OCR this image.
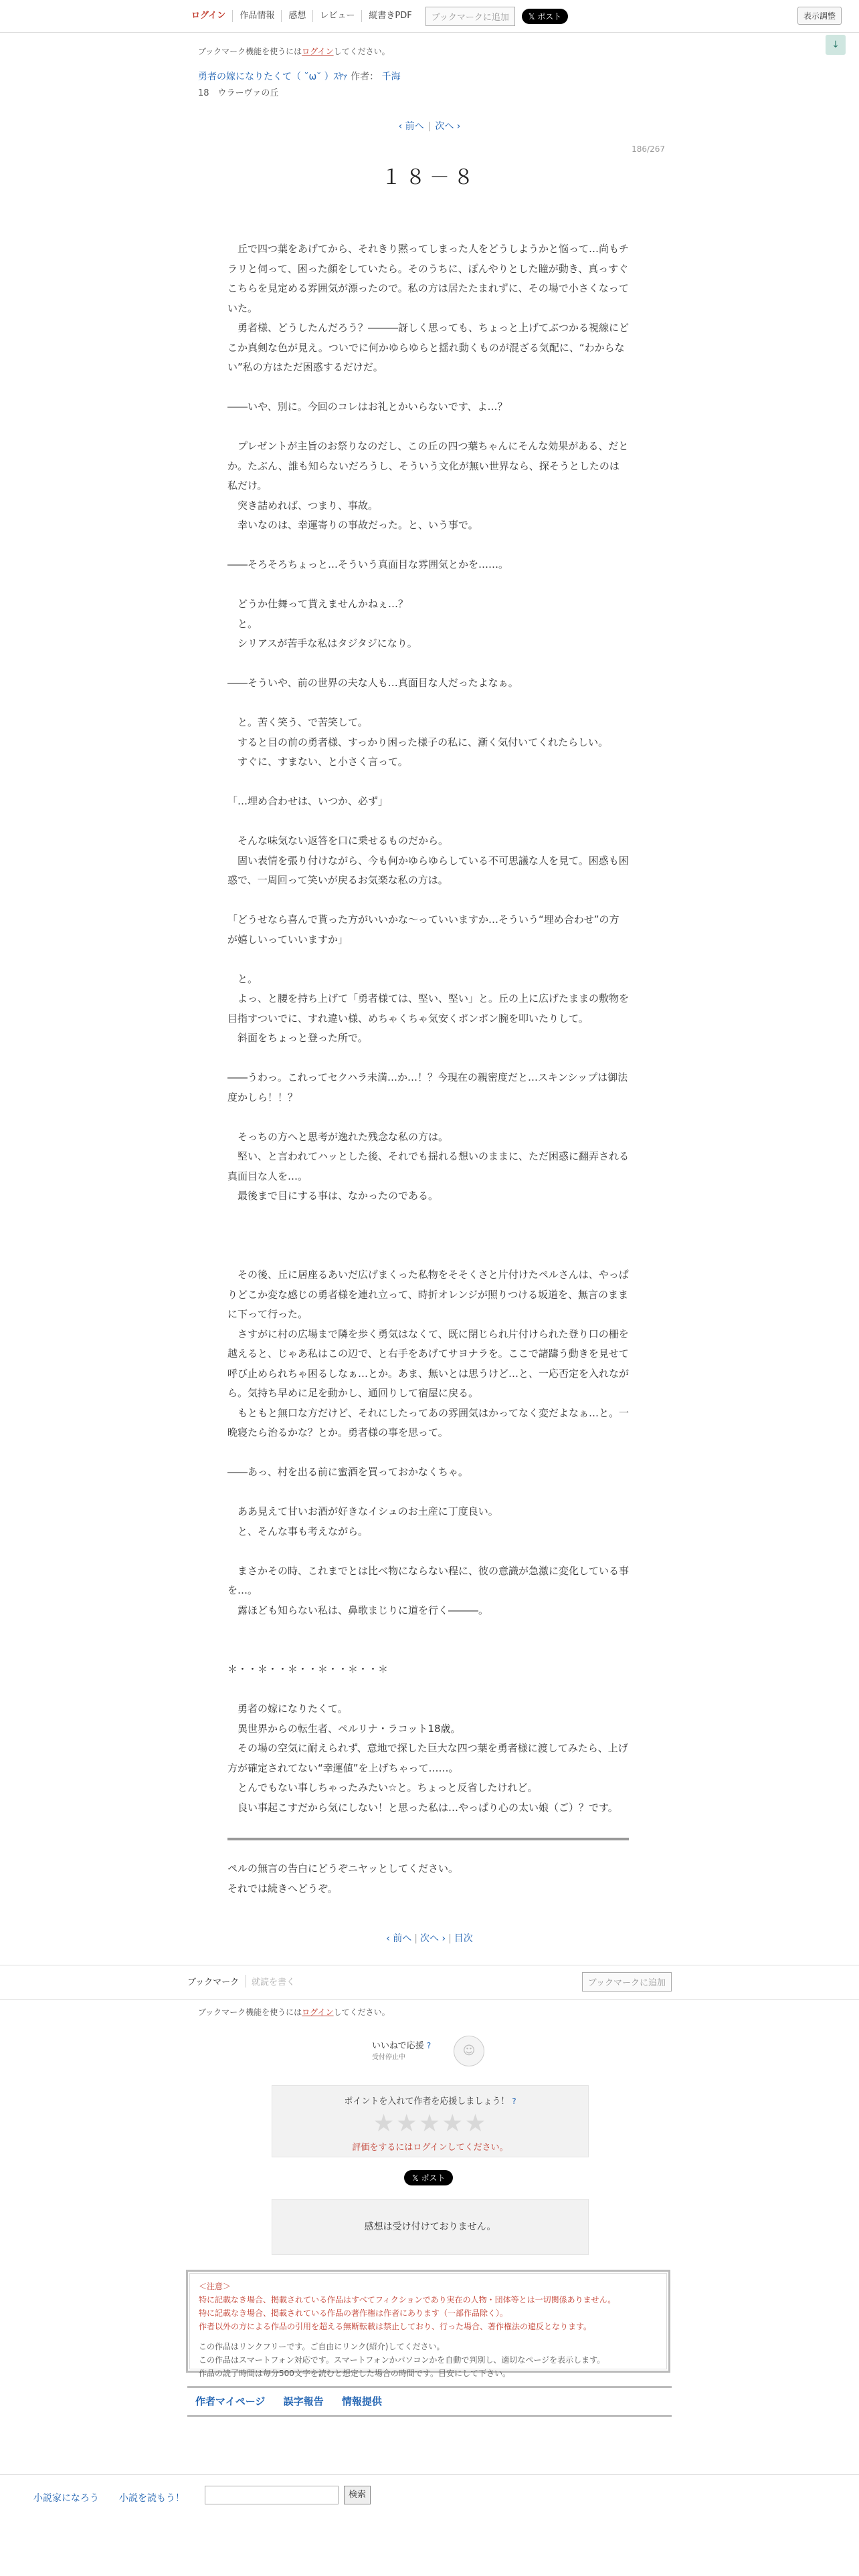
ログイン	作品情報	感想	レビュー	縦書きPDF	ブックマークに追加	𝕏 ポスト	表示調整
↓
ブックマーク機能を使うにはログインしてください。
勇者の嫁になりたくて（ ˘ω˘ ）ｽﾔｧ 作者： 千海
18　ウラーヴァの丘
‹ 前へ | 次へ ›
186/267
１８－８

　丘で四つ葉をあげてから、それきり黙ってしまった人をどうしようかと悩って…尚もチラリと伺って、困った顔をしていたら。そのうちに、ぽんやりとした瞳が動き、真っすぐこちらを見定める雰囲気が漂ったので。私の方は居たたまれずに、その場で小さくなっていた。

　勇者様、どうしたんだろう？―――訝しく思っても、ちょっと上げてぶつかる視線にどこか真剣な色が見え。ついでに何かゆらゆらと揺れ動くものが混ざる気配に、“わからない”私の方はただ困惑するだけだ。

――いや、別に。今回のコレはお礼とかいらないです、よ…？

　プレゼントが主旨のお祭りなのだし、この丘の四つ葉ちゃんにそんな効果がある、だとか。たぶん、誰も知らないだろうし、そういう文化が無い世界なら、探そうとしたのは私だけ。

　突き詰めれば、つまり、事故。

　幸いなのは、幸運寄りの事故だった。と、いう事で。

――そろそろちょっと…そういう真面目な雰囲気とかを……。

　どうか仕舞って貰えませんかねぇ…？

　と。

　シリアスが苦手な私はタジタジになり。

――そういや、前の世界の夫な人も…真面目な人だったよなぁ。

　と。苦く笑う、で苦笑して。

　すると目の前の勇者様、すっかり困った様子の私に、漸く気付いてくれたらしい。

　すぐに、すまない、と小さく言って。

「…埋め合わせは、いつか、必ず」

　そんな味気ない返答を口に乗せるものだから。

　固い表情を張り付けながら、今も何かゆらゆらしている不可思議な人を見て。困惑も困惑で、一周回って笑いが戻るお気楽な私の方は。

「どうせなら喜んで貰った方がいいかな～っていいますか…そういう“埋め合わせ”の方が嬉しいっていいますか」

　と。

　よっ、と腰を持ち上げて「勇者様ては、堅い、堅い」と。丘の上に広げたままの敷物を目指すついでに、すれ違い様、めちゃくちゃ気安くポンポン腕を叩いたりして。

　斜面をちょっと登った所で。

――うわっ。これってセクハラ未満…か…！？今現在の親密度だと…スキンシップは御法度かしら！！？

　そっちの方へと思考が逸れた残念な私の方は。

　堅い、と言われてハッとした後、それでも揺れる想いのままに、ただ困惑に翻弄される真面目な人を…。

　最後まで目にする事は、なかったのである。

　その後、丘に居座るあいだ広げまくった私物をそそくさと片付けたペルさんは、やっぱりどこか変な感じの勇者様を連れ立って、時折オレンジが照りつける坂道を、無言のままに下って行った。

　さすがに村の広場まで隣を歩く勇気はなくて、既に閉じられ片付けられた登り口の柵を越えると、じゃあ私はこの辺で、と右手をあげてサヨナラを。ここで諸躊う動きを見せて呼び止められちゃ困るしなぁ…とか。あま、無いとは思うけど…と、一応否定を入れながら。気持ち早めに足を動かし、通回りして宿屋に戻る。

　もともと無口な方だけど、それにしたってあの雰囲気はかってなく変だよなぁ…と。一晩寝たら治るかな？とか。勇者様の事を思って。

――あっ、村を出る前に蜜酒を買っておかなくちゃ。

　ああ見えて甘いお酒が好きなイシュのお土産に丁度良い。

　と、そんな事も考えながら。

　まさかその時、これまでとは比べ物にならない程に、彼の意識が急激に変化している事を…。

　露ほども知らない私は、鼻歌まじりに道を行く―――。

＊・・＊・・＊・・＊・・＊・・＊

　勇者の嫁になりたくて。

　異世界からの転生者、ペルリナ・ラコット18歳。

　その場の空気に耐えられず、意地で探した巨大な四つ葉を勇者様に渡してみたら、上げ方が確定されてない“幸運値”を上げちゃって……。

　とんでもない事しちゃったみたい☆と。ちょっと反省したけれど。

　良い事起こすだから気にしない！と思った私は…やっぱり心の太い娘（ご）？です。

ペルの無言の告白にどうぞニヤッとしてください。

それでは続きへどうぞ。

‹ 前へ | 次へ › | 目次
ブックマーク	就読を書く	ブックマークに追加
ブックマーク機能を使うにはログインしてください。
いいねで応援 ?
受付停止中	☺
ポイントを入れて作者を応援しましょう！ ?
★★★★★
評価をするにはログインしてください。
𝕏 ポスト
感想は受け付けておりません。
＜注意＞
特に記載なき場合、掲載されている作品はすべてフィクションであり実在の人物・団体等とは一切関係ありません。
特に記載なき場合、掲載されている作品の著作権は作者にあります（一部作品除く）。
作者以外の方による作品の引用を超える無断転載は禁止しており、行った場合、著作権法の違反となります。
この作品はリンクフリーです。ご自由にリンク(紹介)してください。
この作品はスマートフォン対応です。スマートフォンかパソコンかを自動で判別し、適切なページを表示します。
作品の読了時間は毎分500文字を読むと想定した場合の時間です。目安にして下さい。
作者マイページ 誤字報告 情報提供
小説家になろう 小説を読もう！	検索
